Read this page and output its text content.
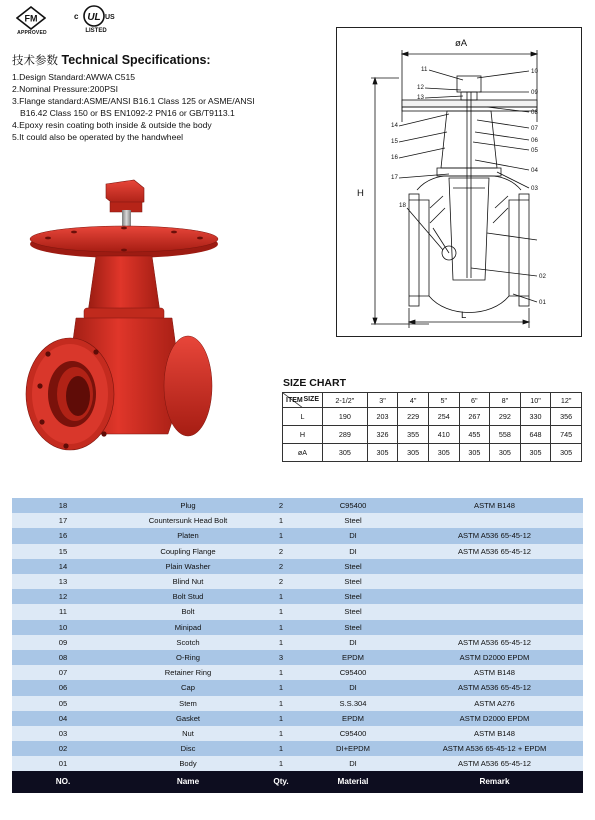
FM
APPROVED
c UL US
LISTED
技术参数 Technical Specifications:
1.Design Standard:AWWA C515
2.Nominal Pressure:200PSI
3.Flange standard:ASME/ANSI B16.1 Class 125 or ASME/ANSI
B16.42 Class 150 or BS EN1092-2 PN16 or GB/T9113.1
4.Epoxy resin coating both inside & outside the body
5.It could also be operated by the handwheel
øA
H
L
11
12
13
14
15
16
17
18
10
09
08
07
06
05
04
03
02
01
SIZE CHART
SIZE
ITEM	2-1/2"	3"	4"	5"	6"	8"	10"	12"
L	190	203	229	254	267	292	330	356
H	289	326	355	410	455	558	648	745
øA	305	305	305	305	305	305	305	305
18	Plug	2	C95400	ASTM B148
17	Countersunk Head Bolt	1	Steel
16	Platen	1	DI	ASTM A536 65-45-12
15	Coupling Flange	2	DI	ASTM A536 65-45-12
14	Plain Washer	2	Steel
13	Blind Nut	2	Steel
12	Bolt Stud	1	Steel
11	Bolt	1	Steel
10	Minipad	1	Steel
09	Scotch	1	DI	ASTM A536 65-45-12
08	O-Ring	3	EPDM	ASTM D2000 EPDM
07	Retainer Ring	1	C95400	ASTM B148
06	Cap	1	DI	ASTM A536 65-45-12
05	Stem	1	S.S.304	ASTM A276
04	Gasket	1	EPDM	ASTM D2000 EPDM
03	Nut	1	C95400	ASTM B148
02	Disc	1	DI+EPDM	ASTM A536 65-45-12 + EPDM
01	Body	1	DI	ASTM A536 65-45-12
NO.	Name	Qty.	Material	Remark
